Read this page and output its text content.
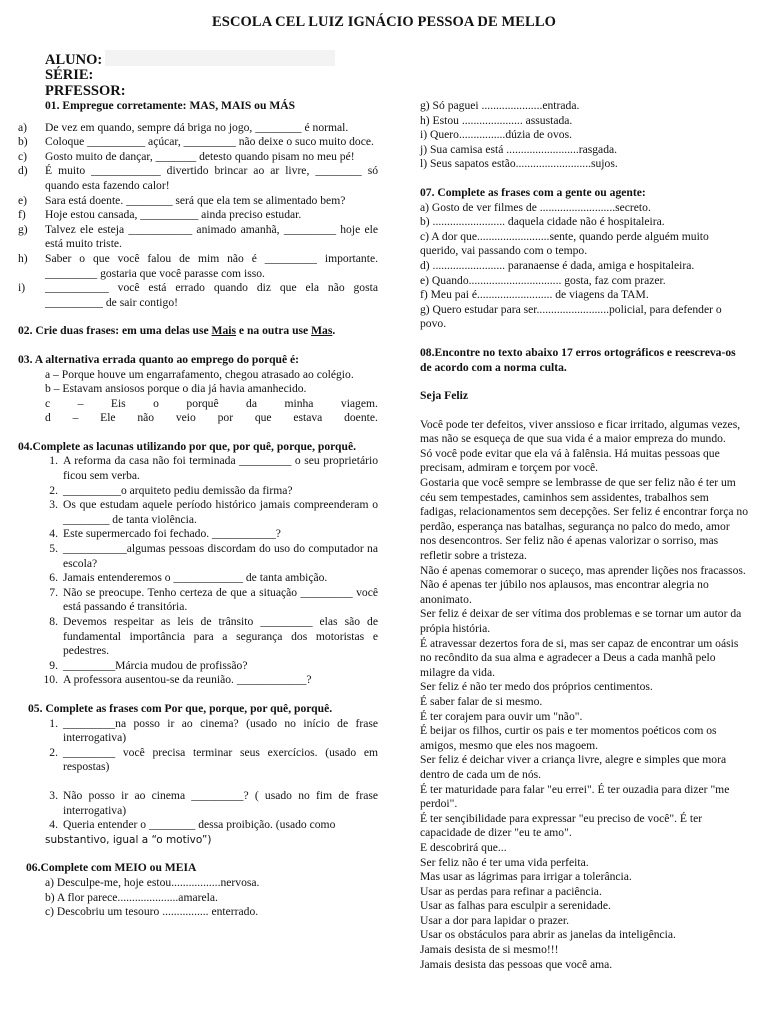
ESCOLA CEL LUIZ IGNÁCIO PESSOA DE MELLO
ALUNO:
SÉRIE:
PRFESSOR:
01. Empregue corretamente: MAS, MAIS ou MÁS
a)	De vez em quando, sempre dá briga no jogo, ________ é normal.
b)	Coloque __________ açúcar, _________ não deixe o suco muito doce.
c)	Gosto muito de dançar, _______ detesto quando pisam no meu pé!
d)	É muito ____________ divertido brincar ao ar livre, ________ só quando esta fazendo calor!
e)	Sara está doente. ________ será que ela tem se alimentado bem?
f)	Hoje estou cansada, __________ ainda preciso estudar.
g)	Talvez ele esteja ___________ animado amanhã, _________ hoje ele está muito triste.
h)	Saber o que você falou de mim não é _________ importante. _________ gostaria que você parasse com isso.
i)	___________ você está errado quando diz que ela não gosta __________ de sair contigo!
02. Crie duas frases: em uma delas use Mais e na outra use Mas.
03. A alternativa errada quanto ao emprego do porquê é:
a – Porque houve um engarrafamento, chegou atrasado ao colégio.
b – Estavam ansiosos porque o dia já havia amanhecido.
c – Eis o porquê da minha viagem.
d – Ele não veio por que estava doente.
04.Complete as lacunas utilizando por que, por quê, porque, porquê.
1. A reforma da casa não foi terminada _________ o seu proprietário ficou sem verba.
2. __________o arquiteto pediu demissão da firma?
3. Os que estudam aquele período histórico jamais compreenderam o ________ de tanta violência.
4. Este supermercado foi fechado. ___________?
5. ___________algumas pessoas discordam do uso do computador na escola?
6. Jamais entenderemos o ____________ de tanta ambição.
7. Não se preocupe. Tenho certeza de que a situação _________ você está passando é transitória.
8. Devemos respeitar as leis de trânsito _________ elas são de fundamental importância para a segurança dos motoristas e pedestres.
9. _________Márcia mudou de profissão?
10. A professora ausentou-se da reunião. ____________?
05. Complete as frases com Por que, porque, por quê, porquê.
1. _________na posso ir ao cinema? (usado no início de frase interrogativa)
2. _________ você precisa terminar seus exercícios. (usado em respostas)
3. Não posso ir ao cinema _________? ( usado no fim de frase interrogativa)
4. Queria entender o ________ dessa proibição. (usado como
substantivo, igual a “o motivo”)
06.Complete com MEIO ou MEIA
a) Desculpe-me, hoje estou.................nervosa.
b) A flor parece.....................amarela.
c) Descobriu um tesouro ................ enterrado.
g) Só paguei .....................entrada.
h) Estou ..................... assustada.
i) Quero................dúzia de ovos.
j) Sua camisa está .........................rasgada.
l) Seus sapatos estão..........................sujos.
07. Complete as frases com a gente ou agente:
a) Gosto de ver filmes de ..........................secreto.
b) ......................... daquela cidade não é hospitaleira.
c) A dor que.........................sente, quando perde alguém muito querido, vai passando com o tempo.
d) ......................... paranaense é dada, amiga e hospitaleira.
e) Quando................................ gosta, faz com prazer.
f) Meu pai é.......................... de viagens da TAM.
g) Quero estudar para ser.........................policial, para defender o povo.
08.Encontre no texto abaixo 17 erros ortográficos e reescreva-os de acordo com a norma culta.
Seja Feliz
Você pode ter defeitos, viver anssioso e ficar irritado, algumas vezes, mas não se esqueça de que sua vida é a maior empreza do mundo.
Só você pode evitar que ela vá à falênsia. Há muitas pessoas que precisam, admiram e torçem por você.
Gostaria que você sempre se lembrasse de que ser feliz não é ter um céu sem tempestades, caminhos sem assidentes, trabalhos sem fadigas, relacionamentos sem decepções. Ser feliz é encontrar força no perdão, esperança nas batalhas, segurança no palco do medo, amor nos desencontros. Ser feliz não é apenas valorizar o sorriso, mas refletir sobre a tristeza.
Não é apenas comemorar o suceço, mas aprender lições nos fracassos.
Não é apenas ter júbilo nos aplausos, mas encontrar alegria no anonimato.
Ser feliz é deixar de ser vítima dos problemas e se tornar um autor da própia história.
É atravessar dezertos fora de si, mas ser capaz de encontrar um oásis no recôndito da sua alma e agradecer a Deus a cada manhã pelo milagre da vida.
Ser feliz é não ter medo dos próprios centimentos.
É saber falar de si mesmo.
É ter corajem para ouvir um "não".
É beijar os filhos, curtir os pais e ter momentos poéticos com os amigos, mesmo que eles nos magoem.
Ser feliz é deichar viver a criança livre, alegre e simples que mora dentro de cada um de nós.
É ter maturidade para falar "eu errei". É ter ouzadia para dizer "me perdoi".
É ter sençibilidade para expressar "eu preciso de você". É ter capacidade de dizer "eu te amo".
E descobrirá que...
Ser feliz não é ter uma vida perfeita.
Mas usar as lágrimas para irrigar a tolerância.
Usar as perdas para refinar a paciência.
Usar as falhas para esculpir a serenidade.
Usar a dor para lapidar o prazer.
Usar os obstáculos para abrir as janelas da inteligência.
Jamais desista de si mesmo!!!
Jamais desista das pessoas que você ama.
